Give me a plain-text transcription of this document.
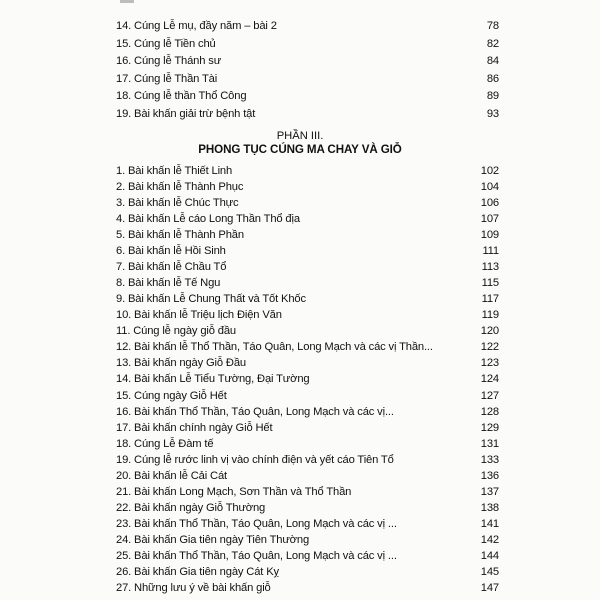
14. Cúng Lễ mụ, đầy năm – bài 2	78
15. Cúng lễ Tiền chủ	82
16. Cúng lễ Thánh sư	84
17. Cúng lễ Thần Tài	86
18. Cúng lễ thần Thổ Công	89
19. Bài khấn giải trừ bệnh tật	93
PHẦN III.
PHONG TỤC CÚNG MA CHAY VÀ GIỖ
1. Bài khấn lễ Thiết Linh	102
2. Bài khấn lễ Thành Phục	104
3. Bài khấn lễ Chúc Thực	106
4. Bài khấn Lễ cáo Long Thần Thổ địa	107
5. Bài khấn lễ Thành Phần	109
6. Bài khấn lễ Hồi Sinh	111
7. Bài khấn lễ Chầu Tổ	113
8. Bài khấn lễ Tế Ngu	115
9. Bài khấn Lễ Chung Thất và Tốt Khốc	117
10. Bài khấn lễ Triệu lịch Điện Văn	119
11. Cúng lễ ngày giỗ đầu	120
12. Bài khấn lễ Thổ Thần, Táo Quân, Long Mạch và các vị Thần...	122
13. Bài khấn ngày Giỗ Đầu	123
14. Bài khấn Lễ Tiểu Tường, Đại Tường	124
15. Cúng ngày Giỗ Hết	127
16. Bài khấn Thổ Thần, Táo Quân, Long Mạch và các vị...	128
17. Bài khấn chính ngày Giỗ Hết	129
18. Cúng Lễ Đàm tế	131
19. Cúng lễ rước linh vị vào chính điện và yết cáo Tiên Tổ	133
20. Bài khấn lễ Cải Cát	136
21. Bài khấn Long Mạch, Sơn Thần và Thổ Thần	137
22. Bài khấn ngày Giỗ Thường	138
23. Bài khấn Thổ Thần, Táo Quân, Long Mạch và các vị ...	141
24. Bài khấn Gia tiên ngày Tiên Thường	142
25. Bài khấn Thổ Thần, Táo Quân, Long Mạch và các vị ...	144
26. Bài khấn Gia tiên ngày Cát Kỵ	145
27. Những lưu ý về bài khấn giỗ	147
